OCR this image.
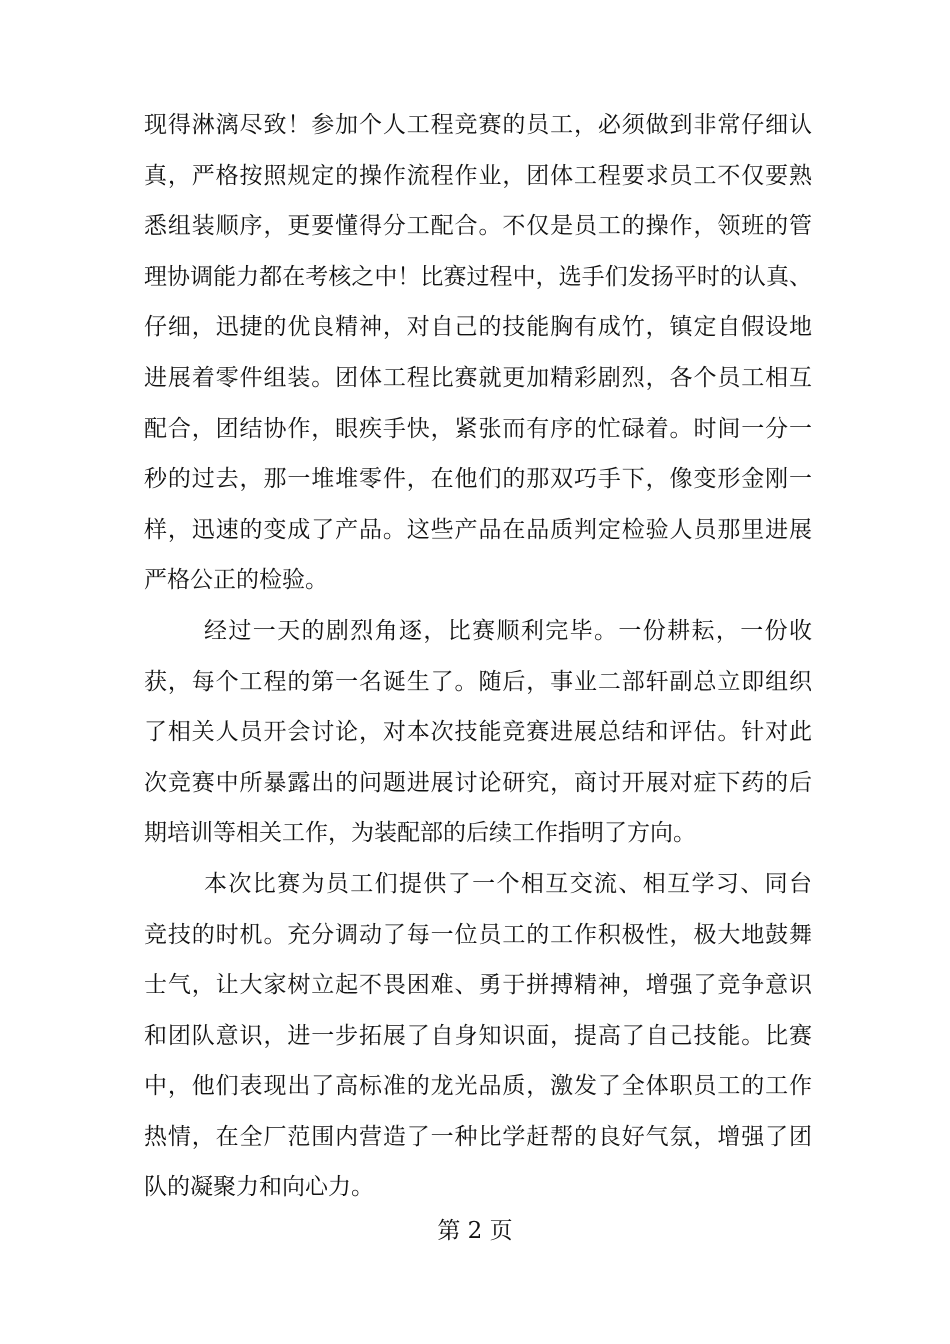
现得淋漓尽致！参加个人工程竞赛的员工，必须做到非常仔细认
真，严格按照规定的操作流程作业，团体工程要求员工不仅要熟
悉组装顺序，更要懂得分工配合。不仅是员工的操作，领班的管
理协调能力都在考核之中！比赛过程中，选手们发扬平时的认真、
仔细，迅捷的优良精神，对自己的技能胸有成竹，镇定自假设地
进展着零件组装。团体工程比赛就更加精彩剧烈，各个员工相互
配合，团结协作，眼疾手快，紧张而有序的忙碌着。时间一分一
秒的过去，那一堆堆零件，在他们的那双巧手下，像变形金刚一
样，迅速的变成了产品。这些产品在品质判定检验人员那里进展
严格公正的检验。
经过一天的剧烈角逐，比赛顺利完毕。一份耕耘，一份收
获，每个工程的第一名诞生了。随后，事业二部轩副总立即组织
了相关人员开会讨论，对本次技能竞赛进展总结和评估。针对此
次竞赛中所暴露出的问题进展讨论研究，商讨开展对症下药的后
期培训等相关工作，为装配部的后续工作指明了方向。
本次比赛为员工们提供了一个相互交流、相互学习、同台
竞技的时机。充分调动了每一位员工的工作积极性，极大地鼓舞
士气，让大家树立起不畏困难、勇于拼搏精神，增强了竞争意识
和团队意识，进一步拓展了自身知识面，提高了自己技能。比赛
中，他们表现出了高标准的龙光品质，激发了全体职员工的工作
热情，在全厂范围内营造了一种比学赶帮的良好气氛，增强了团
队的凝聚力和向心力。
第 2 页
